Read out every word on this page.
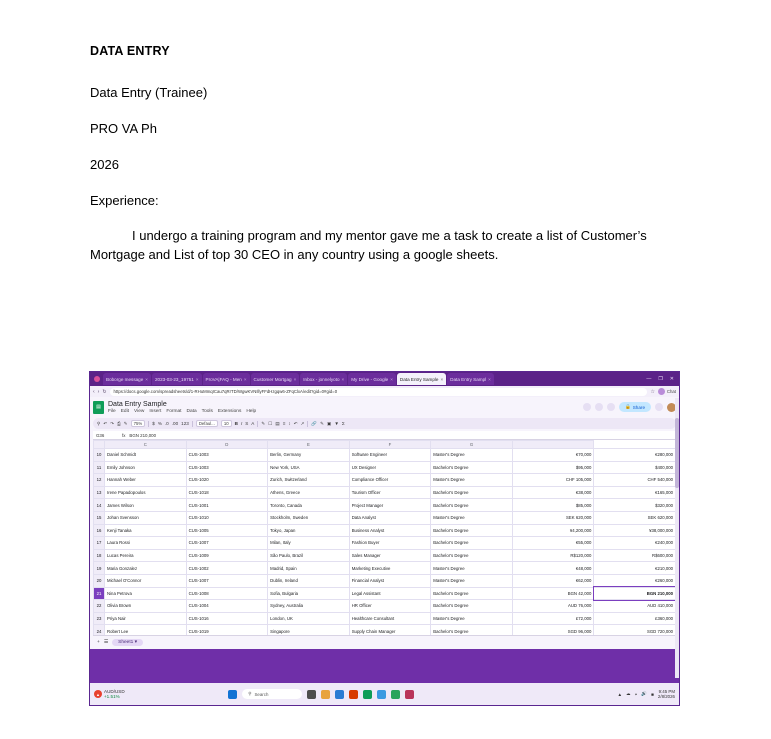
DATA ENTRY
Data Entry (Trainee)
PRO VA Ph
2026
Experience:
I undergo a training program and my mentor gave me a task to create a list of Customer’s Mortgage and List of top 30 CEO in any country using a google sheets.
Boborge message × 2023-03-23_19751 × ProVA|FAQ - Men × Customer Mortgag × Inbox - jonnelyoto × My Drive - Google × Data Entry Sample × Data Entry Sampl ×	—	❐	✕
‹ › ↻	https://docs.google.com/spreadsheets/d/1-RHuMmqICau7qRrTD/WgwKVNIllyFFdHzgqw6-ZFqClxA/edit?gid=0#gid=0	☆	Chat
▤	Data Entry Sample
File Edit View Insert Format Data Tools Extensions Help
🔒 Share
⚲ ↶ ↷ ⎙ ✎	75%	$ % .0 .00 123	Defaul...	10	B I S A ✎ ☐ ▤ ≡ ↕ ↶ ↗ 🔗 ✎ ▣ ▼ Σ
G36	fx BGN 210,000
	C	D	E	F	G		
10	Daniel Schmidt	CUS-1003	Berlin, Germany	Software Engineer	Master's Degree	€70,000	€280,000
11	Emily Johnson	CUS-1003	New York, USA	UX Designer	Bachelor's Degree	$95,000	$400,000
12	Hannah Weber	CUS-1020	Zurich, Switzerland	Compliance Officer	Master's Degree	CHF 105,000	CHF 540,000
13	Irene Papadopoulos	CUS-1018	Athens, Greece	Tourism Officer	Bachelor's Degree	€38,000	€165,000
14	James Wilson	CUS-1001	Toronto, Canada	Project Manager	Bachelor's Degree	$85,000	$320,000
15	Johan Svensson	CUS-1010	Stockholm, Sweden	Data Analyst	Master's Degree	SEK 620,000	SEK 620,000
16	Kenji Tanaka	CUS-1005	Tokyo, Japan	Business Analyst	Bachelor's Degree	¥4,200,000	¥38,000,000
17	Laura Rossi	CUS-1007	Milan, Italy	Fashion Buyer	Bachelor's Degree	€55,000	€240,000
18	Lucas Pereira	CUS-1009	São Paulo, Brazil	Sales Manager	Bachelor's Degree	R$120,000	R$600,000
19	Maria Gonzalez	CUS-1002	Madrid, Spain	Marketing Executive	Master's Degree	€48,000	€210,000
20	Michael O'Connor	CUS-1007	Dublin, Ireland	Financial Analyst	Master's Degree	€62,000	€260,000
21	Nina Petrova	CUS-1008	Sofia, Bulgaria	Legal Assistant	Bachelor's Degree	BGN 42,000	BGN 210,000
22	Olivia Brown	CUS-1004	Sydney, Australia	HR Officer	Bachelor's Degree	AUD 76,000	AUD 410,000
23	Priya Nair	CUS-1016	London, UK	Healthcare Consultant	Master's Degree	£72,000	£360,000
24	Robert Lee	CUS-1019	Singapore	Supply Chain Manager	Bachelor's Degree	SGD 96,000	SGD 720,000

+ ☰	Sheet1 ▾
▲
AUD/USD
+1.51%
⚲ Search	▲ ☁ ◓ 🔊 ■
9:45 PM
2/8/2026
